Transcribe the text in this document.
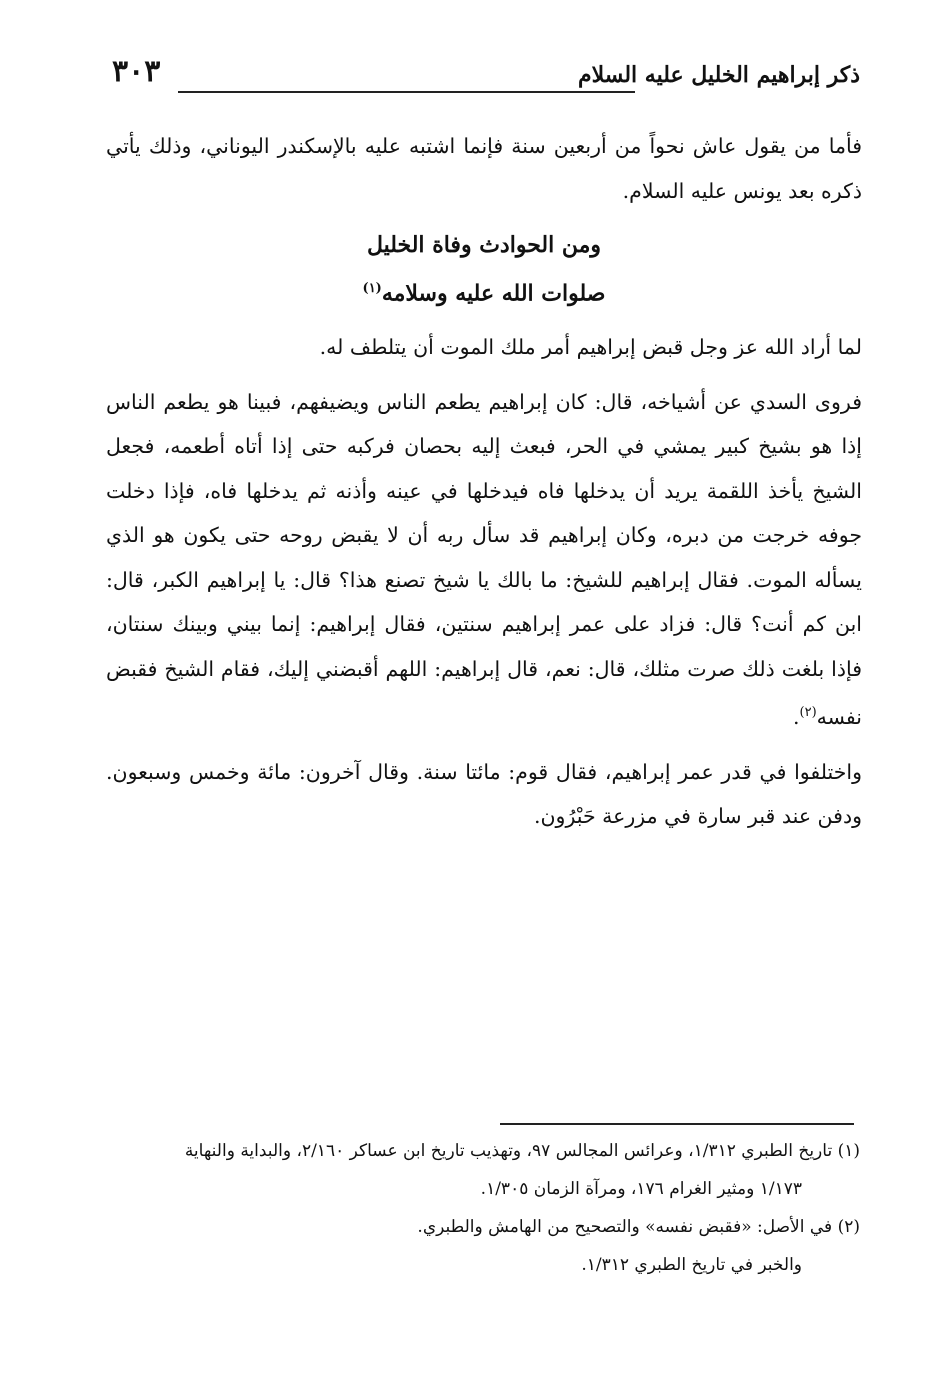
ذكر إبراهيم الخليل عليه السلام
٣٠٣

فأما من يقول عاش نحواً من أربعين سنة فإنما اشتبه عليه بالإسكندر اليوناني، وذلك يأتي ذكره بعد يونس عليه السلام.

ومن الحوادث وفاة الخليل

صلوات الله عليه وسلامه$^{(١)}$

لما أراد الله عز وجل قبض إبراهيم أمر ملك الموت أن يتلطف له.

فروى السدي عن أشياخه، قال: كان إبراهيم يطعم الناس ويضيفهم، فبينا هو يطعم الناس إذا هو بشيخ كبير يمشي في الحر، فبعث إليه بحصان فركبه حتى إذا أتاه أطعمه، فجعل الشيخ يأخذ اللقمة يريد أن يدخلها فاه فيدخلها في عينه وأذنه ثم يدخلها فاه، فإذا دخلت جوفه خرجت من دبره، وكان إبراهيم قد سأل ربه أن لا يقبض روحه حتى يكون هو الذي يسأله الموت. فقال إبراهيم للشيخ: ما بالك يا شيخ تصنع هذا؟ قال: يا إبراهيم الكبر، قال: ابن كم أنت؟ قال: فزاد على عمر إبراهيم سنتين، فقال إبراهيم: إنما بيني وبينك سنتان، فإذا بلغت ذلك صرت مثلك، قال: نعم، قال إبراهيم: اللهم أقبضني إليك، فقام الشيخ فقبض نفسه$^{(٢)}$.

واختلفوا في قدر عمر إبراهيم، فقال قوم: مائتا سنة. وقال آخرون: مائة وخمس وسبعون. ودفن عند قبر سارة في مزرعة حَبْرُون.

(١) تاريخ الطبري ١/٣١٢، وعرائس المجالس ٩٧، وتهذيب تاريخ ابن عساكر ٢/١٦٠، والبداية والنهاية

١/١٧٣ ومثير الغرام ١٧٦، ومرآة الزمان ١/٣٠٥.

(٢) في الأصل: «فقبض نفسه» والتصحيح من الهامش والطبري.

والخبر في تاريخ الطبري ١/٣١٢.
